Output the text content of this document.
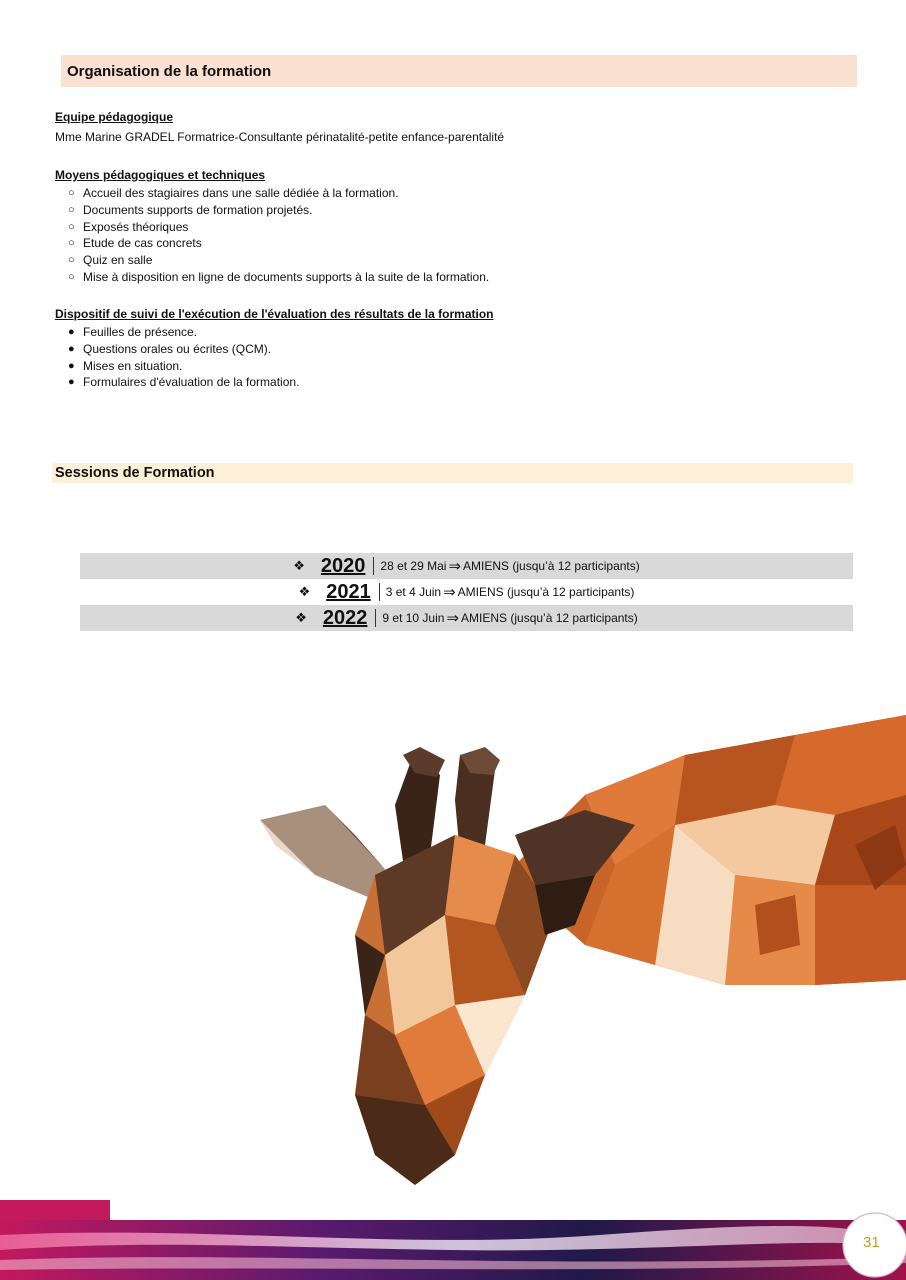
Organisation de la formation
Equipe pédagogique
Mme Marine GRADEL Formatrice-Consultante périnatalité-petite enfance-parentalité
Moyens pédagogiques et techniques
○ Accueil des stagiaires dans une salle dédiée à la formation.
○ Documents supports de formation projetés.
○ Exposés théoriques
○ Etude de cas concrets
○ Quiz en salle
○ Mise à disposition en ligne de documents supports à la suite de la formation.
Dispositif de suivi de l'exécution de l'évaluation des résultats de la formation
● Feuilles de présence.
● Questions orales ou écrites (QCM).
● Mises en situation.
● Formulaires d'évaluation de la formation.
Sessions de Formation
❖ 2020 28 et 29 Mai ⇒ AMIENS (jusqu’à 12 participants)
❖ 2021 3 et 4 Juin ⇒ AMIENS (jusqu’à 12 participants)
❖ 2022 9 et 10 Juin ⇒ AMIENS (jusqu’à 12 participants)
31
